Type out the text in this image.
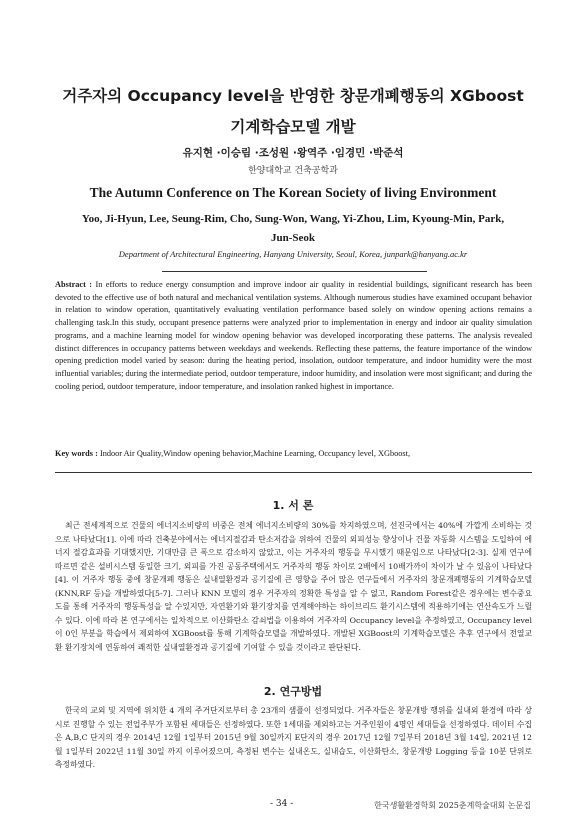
거주자의 Occupancy level을 반영한 창문개폐행동의 XGboost
기계학습모델 개발
유지현 ·이승림 ·조성원 ·왕역주 ·임경민 ·박준석
한양대학교 건축공학과
The Autumn Conference on The Korean Society of living Environment
Yoo, Ji-Hyun, Lee, Seung-Rim, Cho, Sung-Won, Wang, Yi-Zhou, Lim, Kyoung-Min, Park, Jun-Seok
Department of Architectural Engineering, Hanyang University, Seoul, Korea, junpark@hanyang.ac.kr
Abstract : In efforts to reduce energy consumption and improve indoor air quality in residential buildings, significant research has been devoted to the effective use of both natural and mechanical ventilation systems. Although numerous studies have examined occupant behavior in relation to window operation, quantitatively evaluating ventilation performance based solely on window opening actions remains a challenging task.In this study, occupant presence patterns were analyzed prior to implementation in energy and indoor air quality simulation programs, and a machine learning model for window opening behavior was developed incorporating these patterns. The analysis revealed distinct differences in occupancy patterns between weekdays and weekends. Reflecting these patterns, the feature importance of the window opening prediction model varied by season: during the heating period, insolation, outdoor temperature, and indoor humidity were the most influential variables; during the intermediate period, outdoor temperature, indoor humidity, and insolation were most significant; and during the cooling period, outdoor temperature, indoor temperature, and insolation ranked highest in importance.
Key words : Indoor Air Quality,Window opening behavior,Machine Learning, Occupancy level, XGboost,
1. 서 론
최근 전세계적으로 건물의 에너지소비량의 비중은 전체 에너지소비량의 30%를 차지하였으며, 선진국에서는 40%에 가깝게 소비하는 것으로 나타났다[1]. 이에 따라 건축분야에서는 에너지절감과 탄소저감을 위하여 건물의 외피성능 향상이나 건물 자동화 시스템을 도입하여 에너지 절감효과를 기대했지만, 기대만큼 큰 폭으로 감소하지 않았고, 이는 거주자의 행동을 무시했기 때문임으로 나타났다[2-3]. 실제 연구에 따르면 같은 설비시스템 동일한 크기, 외피를 가진 공동주택에서도 거주자의 행동 차이로 2배에서 10배가까이 차이가 날 수 있음이 나타났다[4]. 이 거주자 행동 중에 창문개폐 행동은 실내열환경과 공기질에 큰 영향을 주어 많은 연구들에서 거주자의 창문개폐행동의 기계학습모델(KNN,RF 등)을 개발하였다[5-7]. 그러나 KNN 모델의 경우 거주자의 정확한 특성을 알 수 없고, Random Forest같은 경우에는 변수중요도를 통해 거주자의 행동특성을 알 수있지만, 자연환기와 환기장치를 연계해야하는 하이브리드 환기시스템에 적용하기에는 연산속도가 느릴 수 있다. 이에 따라 본 연구에서는 일차적으로 이산화탄소 감쇠법을 이용하여 거주자의 Occupancy level을 추정하였고, Occupancy level 이 0인 부분을 학습에서 제외하여 XGBoost를 통해 기계학습모델을 개발하였다. 개발된 XGBoost의 기계학습모델은 추후 연구에서 전열교환 환기장치에 연동하여 쾌적한 실내열환경과 공기질에 기여할 수 있을 것이라고 판단된다.
2. 연구방법
한국의 교외 및 지역에 위치한 4 개의 주거단지로부터 총 23개의 샘플이 선정되었다. 거주자들은 창문개방 행위를 실내외 환경에 따라 상시로 진행할 수 있는 전업주부가 포함된 세대들은 선정하였다. 또한 1세대를 제외하고는 거주인원이 4명인 세대들을 선정하였다. 데이터 수집은 A,B,C 단지의 경우 2014년 12월 1일부터 2015년 9월 30일까지 E단지의 경우 2017년 12월 7일부터 2018년 3월 14일, 2021년 12월 1일부터 2022년 11월 30일 까지 이루어졌으며, 측정된 변수는 실내온도, 실내습도, 이산화탄소, 창문개방 Logging 등을 10분 단위로 측정하였다.
- 34 -	한국생활환경학회 2025춘계학술대회 논문집
